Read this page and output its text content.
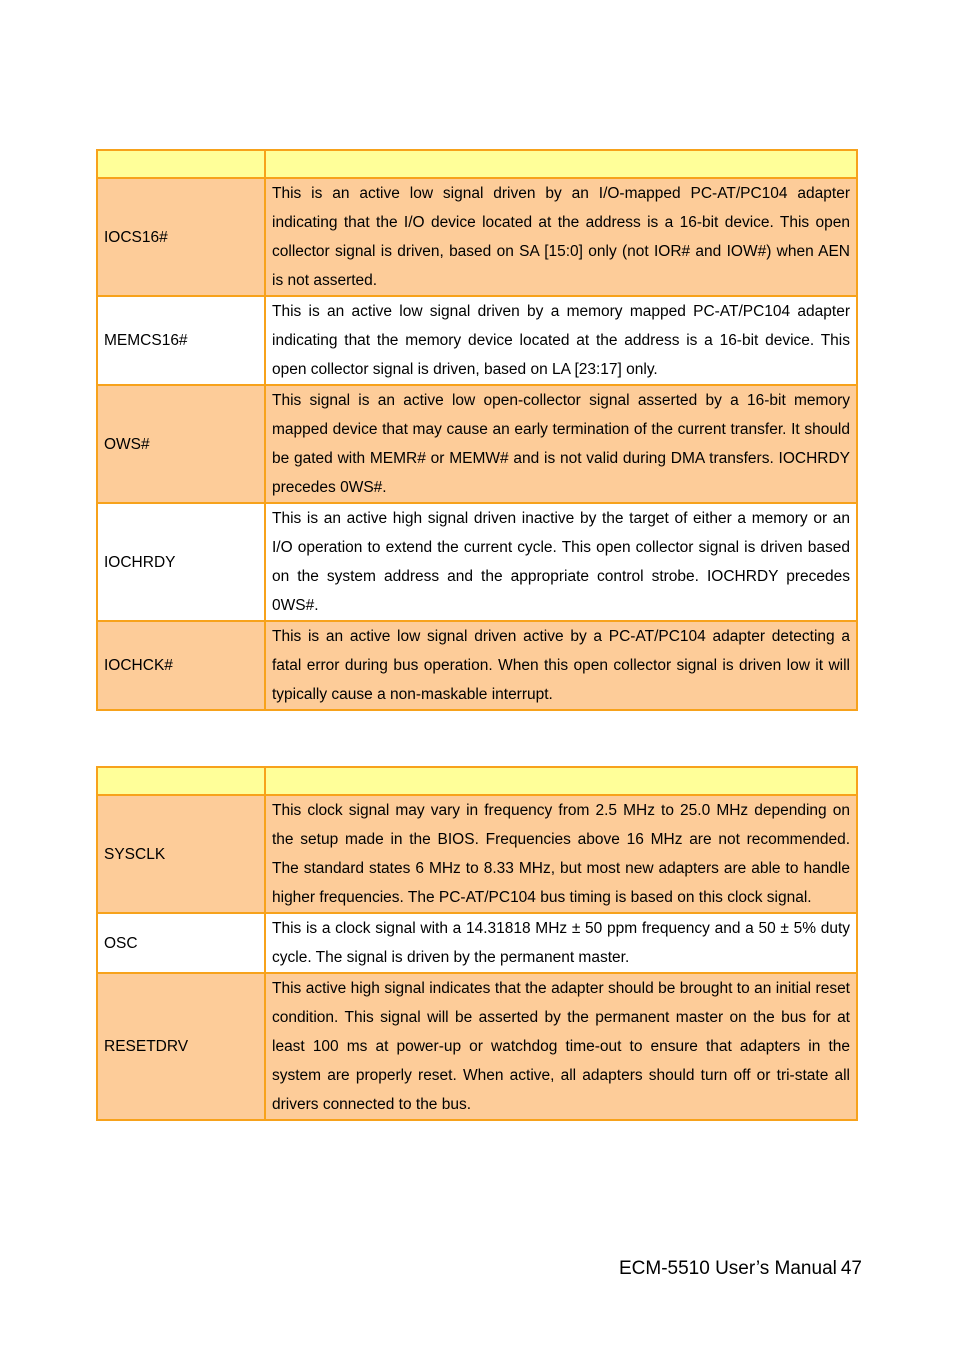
IOCS16#	This is an active low signal driven by an I/O-mapped PC-AT/PC104 adapter indicating that the I/O device located at the address is a 16-bit device. This open collector signal is driven, based on SA [15:0] only (not IOR# and IOW#) when AEN is not asserted.
MEMCS16#	This is an active low signal driven by a memory mapped PC-AT/PC104 adapter indicating that the memory device located at the address is a 16-bit device. This open collector signal is driven, based on LA [23:17] only.
OWS#	This signal is an active low open-collector signal asserted by a 16-bit memory mapped device that may cause an early termination of the current transfer. It should be gated with MEMR# or MEMW# and is not valid during DMA transfers. IOCHRDY precedes 0WS#.
IOCHRDY	This is an active high signal driven inactive by the target of either a memory or an I/O operation to extend the current cycle. This open collector signal is driven based on the system address and the appropriate control strobe. IOCHRDY precedes 0WS#.
IOCHCK#	This is an active low signal driven active by a PC-AT/PC104 adapter detecting a fatal error during bus operation. When this open collector signal is driven low it will typically cause a non-maskable interrupt.

SYSCLK	This clock signal may vary in frequency from 2.5 MHz to 25.0 MHz depending on the setup made in the BIOS. Frequencies above 16 MHz are not recommended. The standard states 6 MHz to 8.33 MHz, but most new adapters are able to handle higher frequencies. The PC-AT/PC104 bus timing is based on this clock signal.
OSC	This is a clock signal with a 14.31818 MHz ± 50 ppm frequency and a 50 ± 5% duty cycle. The signal is driven by the permanent master.
RESETDRV	This active high signal indicates that the adapter should be brought to an initial reset condition. This signal will be asserted by the permanent master on the bus for at least 100 ms at power-up or watchdog time-out to ensure that adapters in the system are properly reset. When active, all adapters should turn off or tri-state all drivers connected to the bus.
ECM-5510 User’s Manual 47
